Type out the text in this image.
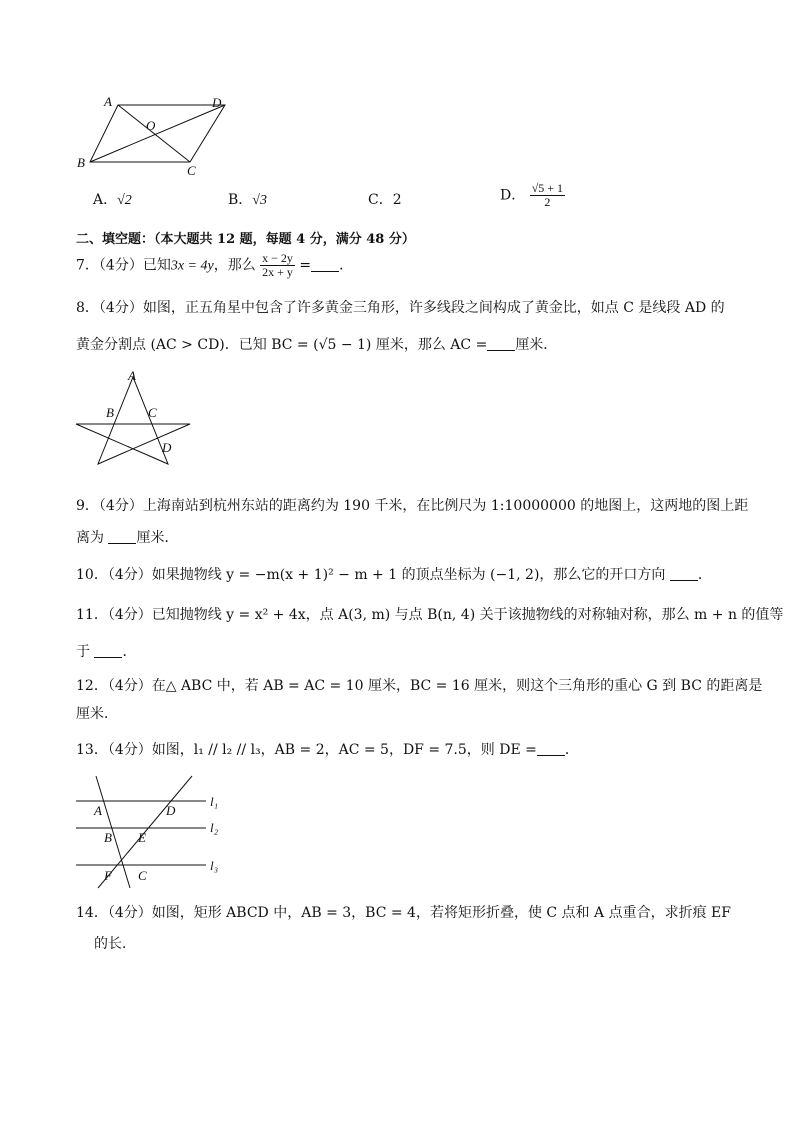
A	D
O
B
C
A．√2	B．√3	C．2	D． $\frac{√5 + 1}{2}$
二、填空题：（本大题共 12 题，每题 4 分，满分 48 分）
7．（4分）已知3x = 4y，那么 $\frac{x - 2y}{2x + y}$ = ．
8．（4分）如图，正五角星中包含了许多黄金三角形，许多线段之间构成了黄金比，如点 C 是线段 AD 的
黄金分割点 (AC > CD)．已知 BC = (√5 − 1) 厘米，那么 AC = 厘米．
A
B	C
D
9．（4分）上海南站到杭州东站的距离约为 190 千米，在比例尺为 1:10000000 的地图上，这两地的图上距
离为 厘米．
10．（4分）如果抛物线 y = −m(x + 1)² − m + 1 的顶点坐标为 (−1, 2)，那么它的开口方向 ．
11．（4分）已知抛物线 y = x² + 4x，点 A(3, m) 与点 B(n, 4) 关于该抛物线的对称轴对称，那么 m + n 的值等
于 ．
12．（4分）在△ ABC 中，若 AB = AC = 10 厘米，BC = 16 厘米，则这个三角形的重心 G 到 BC 的距离是
厘米．
13．（4分）如图，l₁ // l₂ // l₃，AB = 2，AC = 5，DF = 7.5，则 DE = ．
l₁
l₂
l₃
A	D
B E
F C
14．（4分）如图，矩形 ABCD 中，AB = 3，BC = 4，若将矩形折叠，使 C 点和 A 点重合，求折痕 EF
的长．
